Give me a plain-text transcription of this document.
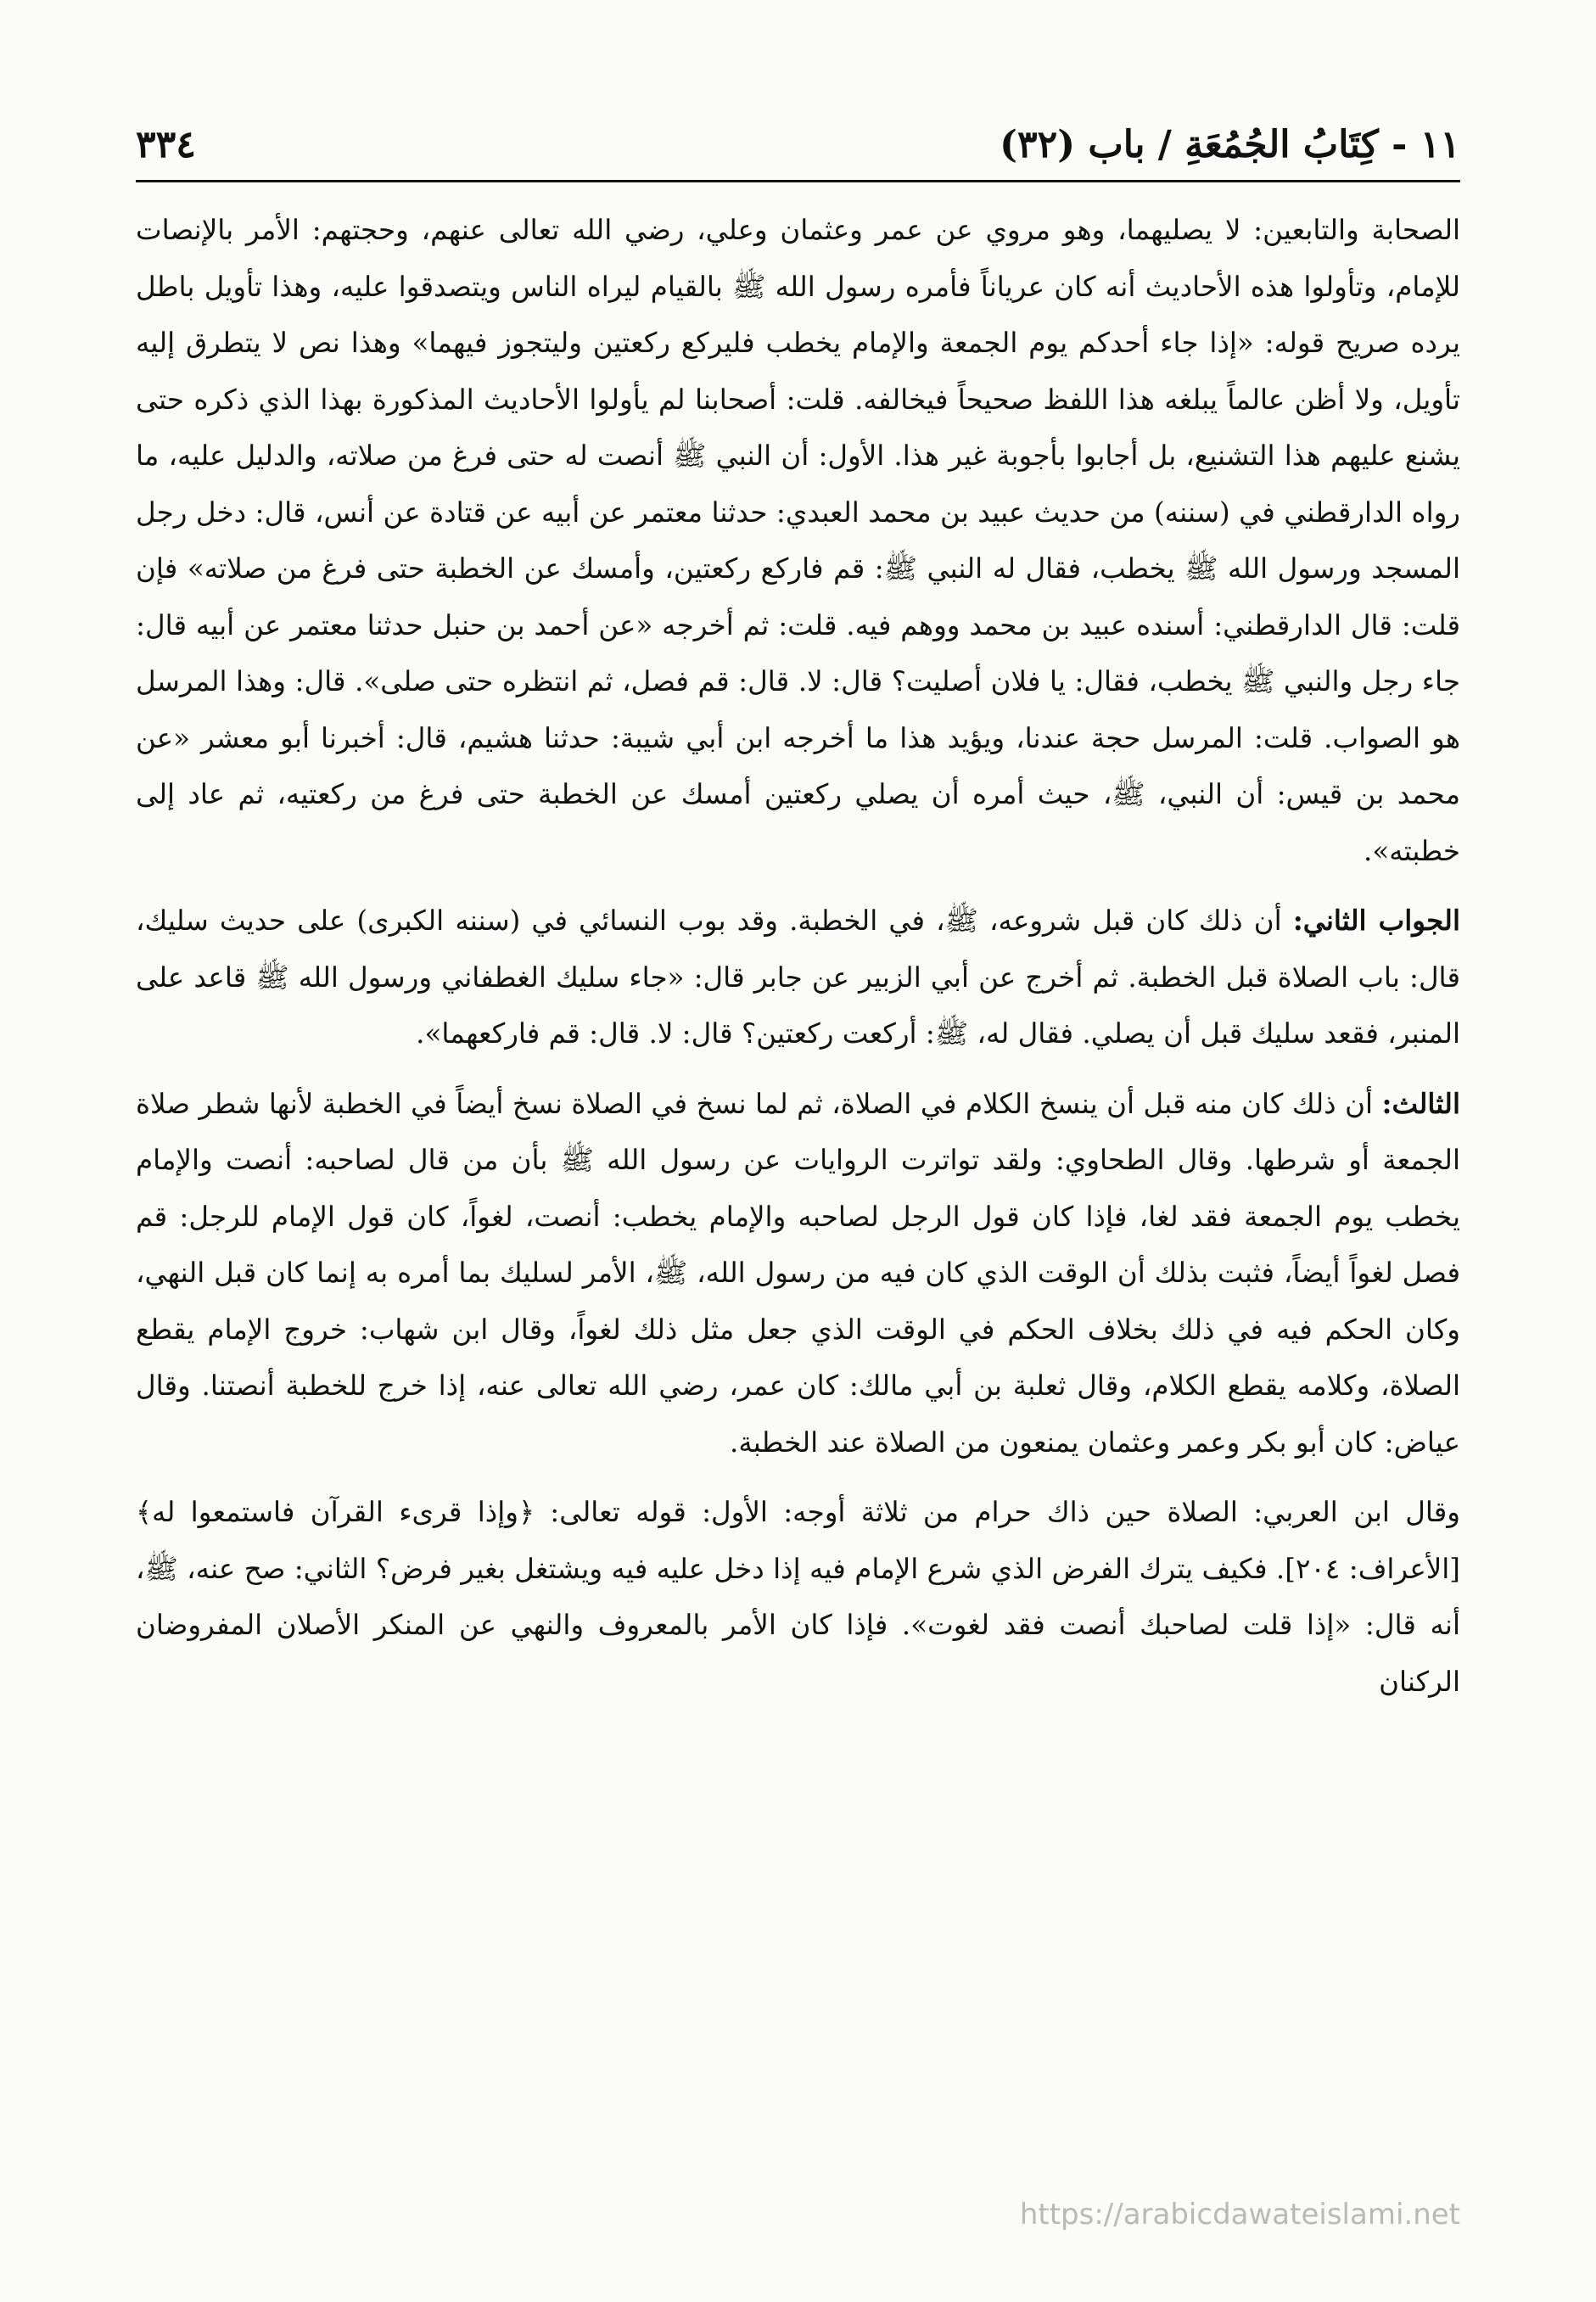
٣٣٤	١١ - كِتَابُ الجُمُعَةِ / باب (٣٢)

الصحابة والتابعين: لا يصليهما، وهو مروي عن عمر وعثمان وعلي، رضي الله تعالى عنهم، وحجتهم: الأمر بالإنصات للإمام، وتأولوا هذه الأحاديث أنه كان عرياناً فأمره رسول الله ﷺ بالقيام ليراه الناس ويتصدقوا عليه، وهذا تأويل باطل يرده صريح قوله: «إذا جاء أحدكم يوم الجمعة والإمام يخطب فليركع ركعتين وليتجوز فيهما» وهذا نص لا يتطرق إليه تأويل، ولا أظن عالماً يبلغه هذا اللفظ صحيحاً فيخالفه. قلت: أصحابنا لم يأولوا الأحاديث المذكورة بهذا الذي ذكره حتى يشنع عليهم هذا التشنيع، بل أجابوا بأجوبة غير هذا. الأول: أن النبي ﷺ أنصت له حتى فرغ من صلاته، والدليل عليه، ما رواه الدارقطني في (سننه) من حديث عبيد بن محمد العبدي: حدثنا معتمر عن أبيه عن قتادة عن أنس، قال: دخل رجل المسجد ورسول الله ﷺ يخطب، فقال له النبي ﷺ: قم فاركع ركعتين، وأمسك عن الخطبة حتى فرغ من صلاته» فإن قلت: قال الدارقطني: أسنده عبيد بن محمد ووهم فيه. قلت: ثم أخرجه «عن أحمد بن حنبل حدثنا معتمر عن أبيه قال: جاء رجل والنبي ﷺ يخطب، فقال: يا فلان أصليت؟ قال: لا. قال: قم فصل، ثم انتظره حتى صلى». قال: وهذا المرسل هو الصواب. قلت: المرسل حجة عندنا، ويؤيد هذا ما أخرجه ابن أبي شيبة: حدثنا هشيم، قال: أخبرنا أبو معشر «عن محمد بن قيس: أن النبي، ﷺ، حيث أمره أن يصلي ركعتين أمسك عن الخطبة حتى فرغ من ركعتيه، ثم عاد إلى خطبته».

الجواب الثاني: أن ذلك كان قبل شروعه، ﷺ، في الخطبة. وقد بوب النسائي في (سننه الكبرى) على حديث سليك، قال: باب الصلاة قبل الخطبة. ثم أخرج عن أبي الزبير عن جابر قال: «جاء سليك الغطفاني ورسول الله ﷺ قاعد على المنبر، فقعد سليك قبل أن يصلي. فقال له، ﷺ: أركعت ركعتين؟ قال: لا. قال: قم فاركعهما».

الثالث: أن ذلك كان منه قبل أن ينسخ الكلام في الصلاة، ثم لما نسخ في الصلاة نسخ أيضاً في الخطبة لأنها شطر صلاة الجمعة أو شرطها. وقال الطحاوي: ولقد تواترت الروايات عن رسول الله ﷺ بأن من قال لصاحبه: أنصت والإمام يخطب يوم الجمعة فقد لغا، فإذا كان قول الرجل لصاحبه والإمام يخطب: أنصت، لغواً، كان قول الإمام للرجل: قم فصل لغواً أيضاً، فثبت بذلك أن الوقت الذي كان فيه من رسول الله، ﷺ، الأمر لسليك بما أمره به إنما كان قبل النهي، وكان الحكم فيه في ذلك بخلاف الحكم في الوقت الذي جعل مثل ذلك لغواً، وقال ابن شهاب: خروج الإمام يقطع الصلاة، وكلامه يقطع الكلام، وقال ثعلبة بن أبي مالك: كان عمر، رضي الله تعالى عنه، إذا خرج للخطبة أنصتنا. وقال عياض: كان أبو بكر وعمر وعثمان يمنعون من الصلاة عند الخطبة.

وقال ابن العربي: الصلاة حين ذاك حرام من ثلاثة أوجه: الأول: قوله تعالى: ﴿وإذا قرىء القرآن فاستمعوا له﴾ [الأعراف: ٢٠٤]. فكيف يترك الفرض الذي شرع الإمام فيه إذا دخل عليه فيه ويشتغل بغير فرض؟ الثاني: صح عنه، ﷺ، أنه قال: «إذا قلت لصاحبك أنصت فقد لغوت». فإذا كان الأمر بالمعروف والنهي عن المنكر الأصلان المفروضان الركنان

https://arabicdawateislami.net
